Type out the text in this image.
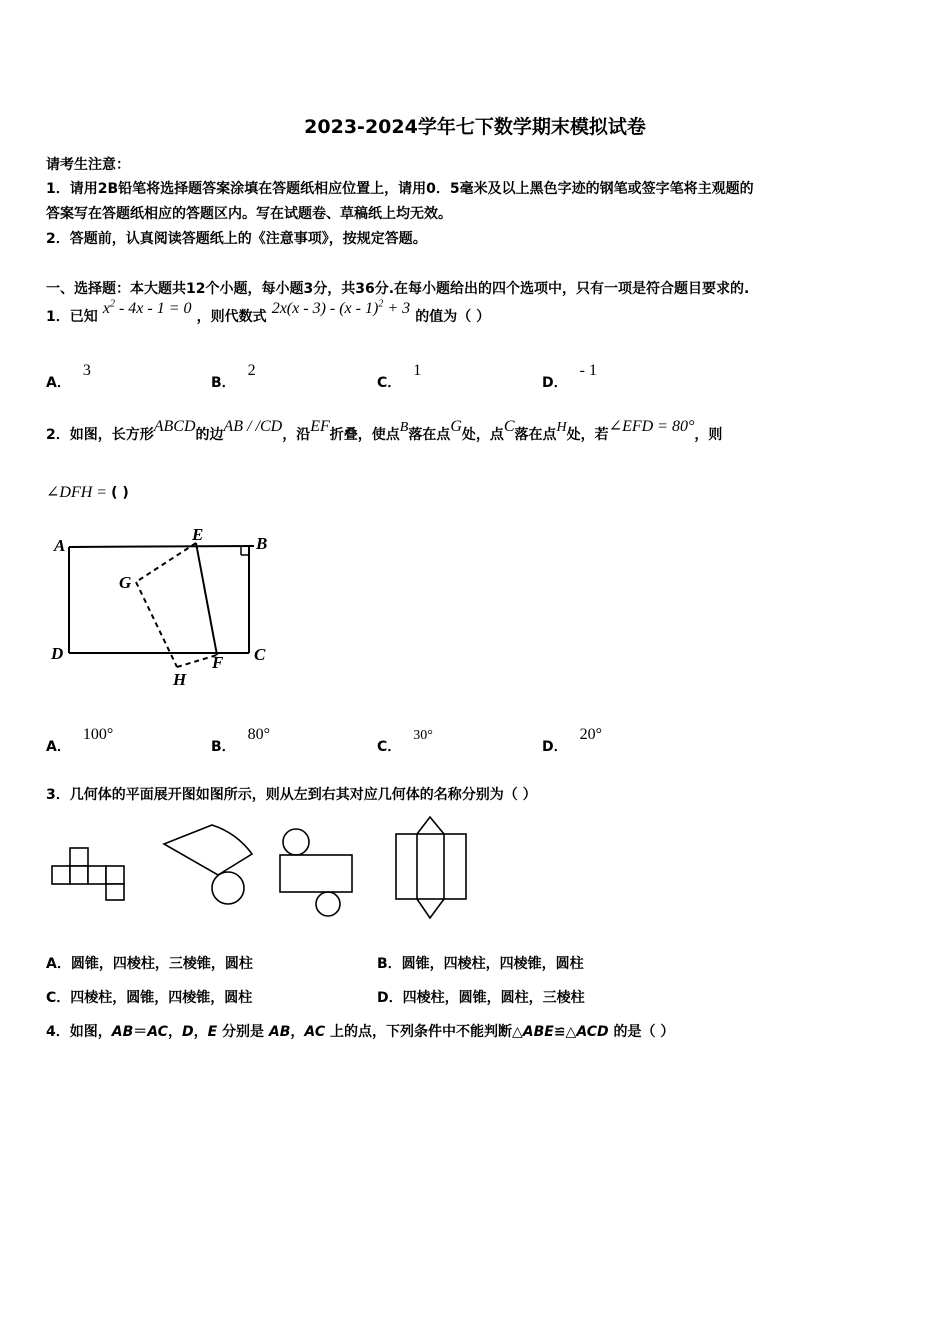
2023-2024学年七下数学期末模拟试卷
请考生注意：
1．请用2B铅笔将选择题答案涂填在答题纸相应位置上，请用0．5毫米及以上黑色字迹的钢笔或签字笔将主观题的
答案写在答题纸相应的答题区内。写在试题卷、草稿纸上均无效。
2．答题前，认真阅读答题纸上的《注意事项》，按规定答题。
一、选择题：本大题共12个小题，每小题3分，共36分.在每小题给出的四个选项中，只有一项是符合题目要求的.
1．已知 $x^2 - 4x - 1 = 0$ ，则代数式 2x(x - 3) - (x - 1)$^2$ + 3 的值为（ ）
A．3
B．2
C．1
D．- 1
2．如图，长方形ABCD的边AB / /CD，沿EF折叠，使点B落在点G处，点C落在点H处，若∠EFD = 80°，则
∠DFH = ( )
A	B
C
D
E
F
G
H
A．100°
B．80°
C．30°
D．20°
3．几何体的平面展开图如图所示，则从左到右其对应几何体的名称分别为（ ）
A．圆锥，四棱柱，三棱锥，圆柱	B．圆锥，四棱柱，四棱锥，圆柱
C．四棱柱，圆锥，四棱锥，圆柱	D．四棱柱，圆锥，圆柱，三棱柱
4．如图，AB＝AC，D，E 分别是 AB，AC 上的点，下列条件中不能判断△ABE≌△ACD 的是（ ）
